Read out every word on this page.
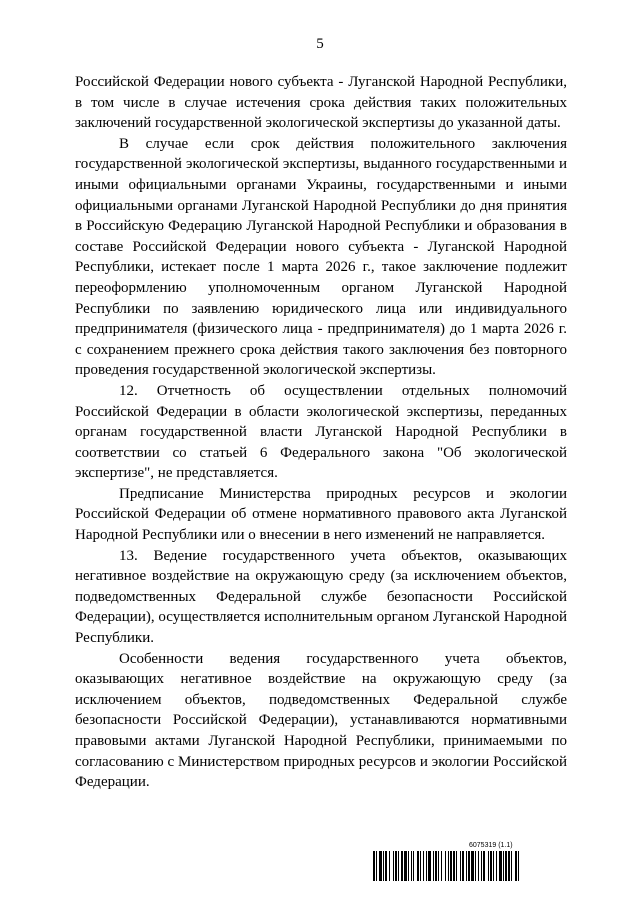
5

Российской Федерации нового субъекта - Луганской Народной Республики, в том числе в случае истечения срока действия таких положительных заключений государственной экологической экспертизы до указанной даты.

В случае если срок действия положительного заключения государственной экологической экспертизы, выданного государственными и иными официальными органами Украины, государственными и иными официальными органами Луганской Народной Республики до дня принятия в Российскую Федерацию Луганской Народной Республики и образования в составе Российской Федерации нового субъекта - Луганской Народной Республики, истекает после 1 марта 2026 г., такое заключение подлежит переоформлению уполномоченным органом Луганской Народной Республики по заявлению юридического лица или индивидуального предпринимателя (физического лица - предпринимателя) до 1 марта 2026 г. с сохранением прежнего срока действия такого заключения без повторного проведения государственной экологической экспертизы.

12. Отчетность об осуществлении отдельных полномочий Российской Федерации в области экологической экспертизы, переданных органам государственной власти Луганской Народной Республики в соответствии со статьей 6 Федерального закона "Об экологической экспертизе", не представляется.

Предписание Министерства природных ресурсов и экологии Российской Федерации об отмене нормативного правового акта Луганской Народной Республики или о внесении в него изменений не направляется.

13. Ведение государственного учета объектов, оказывающих негативное воздействие на окружающую среду (за исключением объектов, подведомственных Федеральной службе безопасности Российской Федерации), осуществляется исполнительным органом Луганской Народной Республики.

Особенности ведения государственного учета объектов, оказывающих негативное воздействие на окружающую среду (за исключением объектов, подведомственных Федеральной службе безопасности Российской Федерации), устанавливаются нормативными правовыми актами Луганской Народной Республики, принимаемыми по согласованию с Министерством природных ресурсов и экологии Российской Федерации.

6075319 (1.1)
